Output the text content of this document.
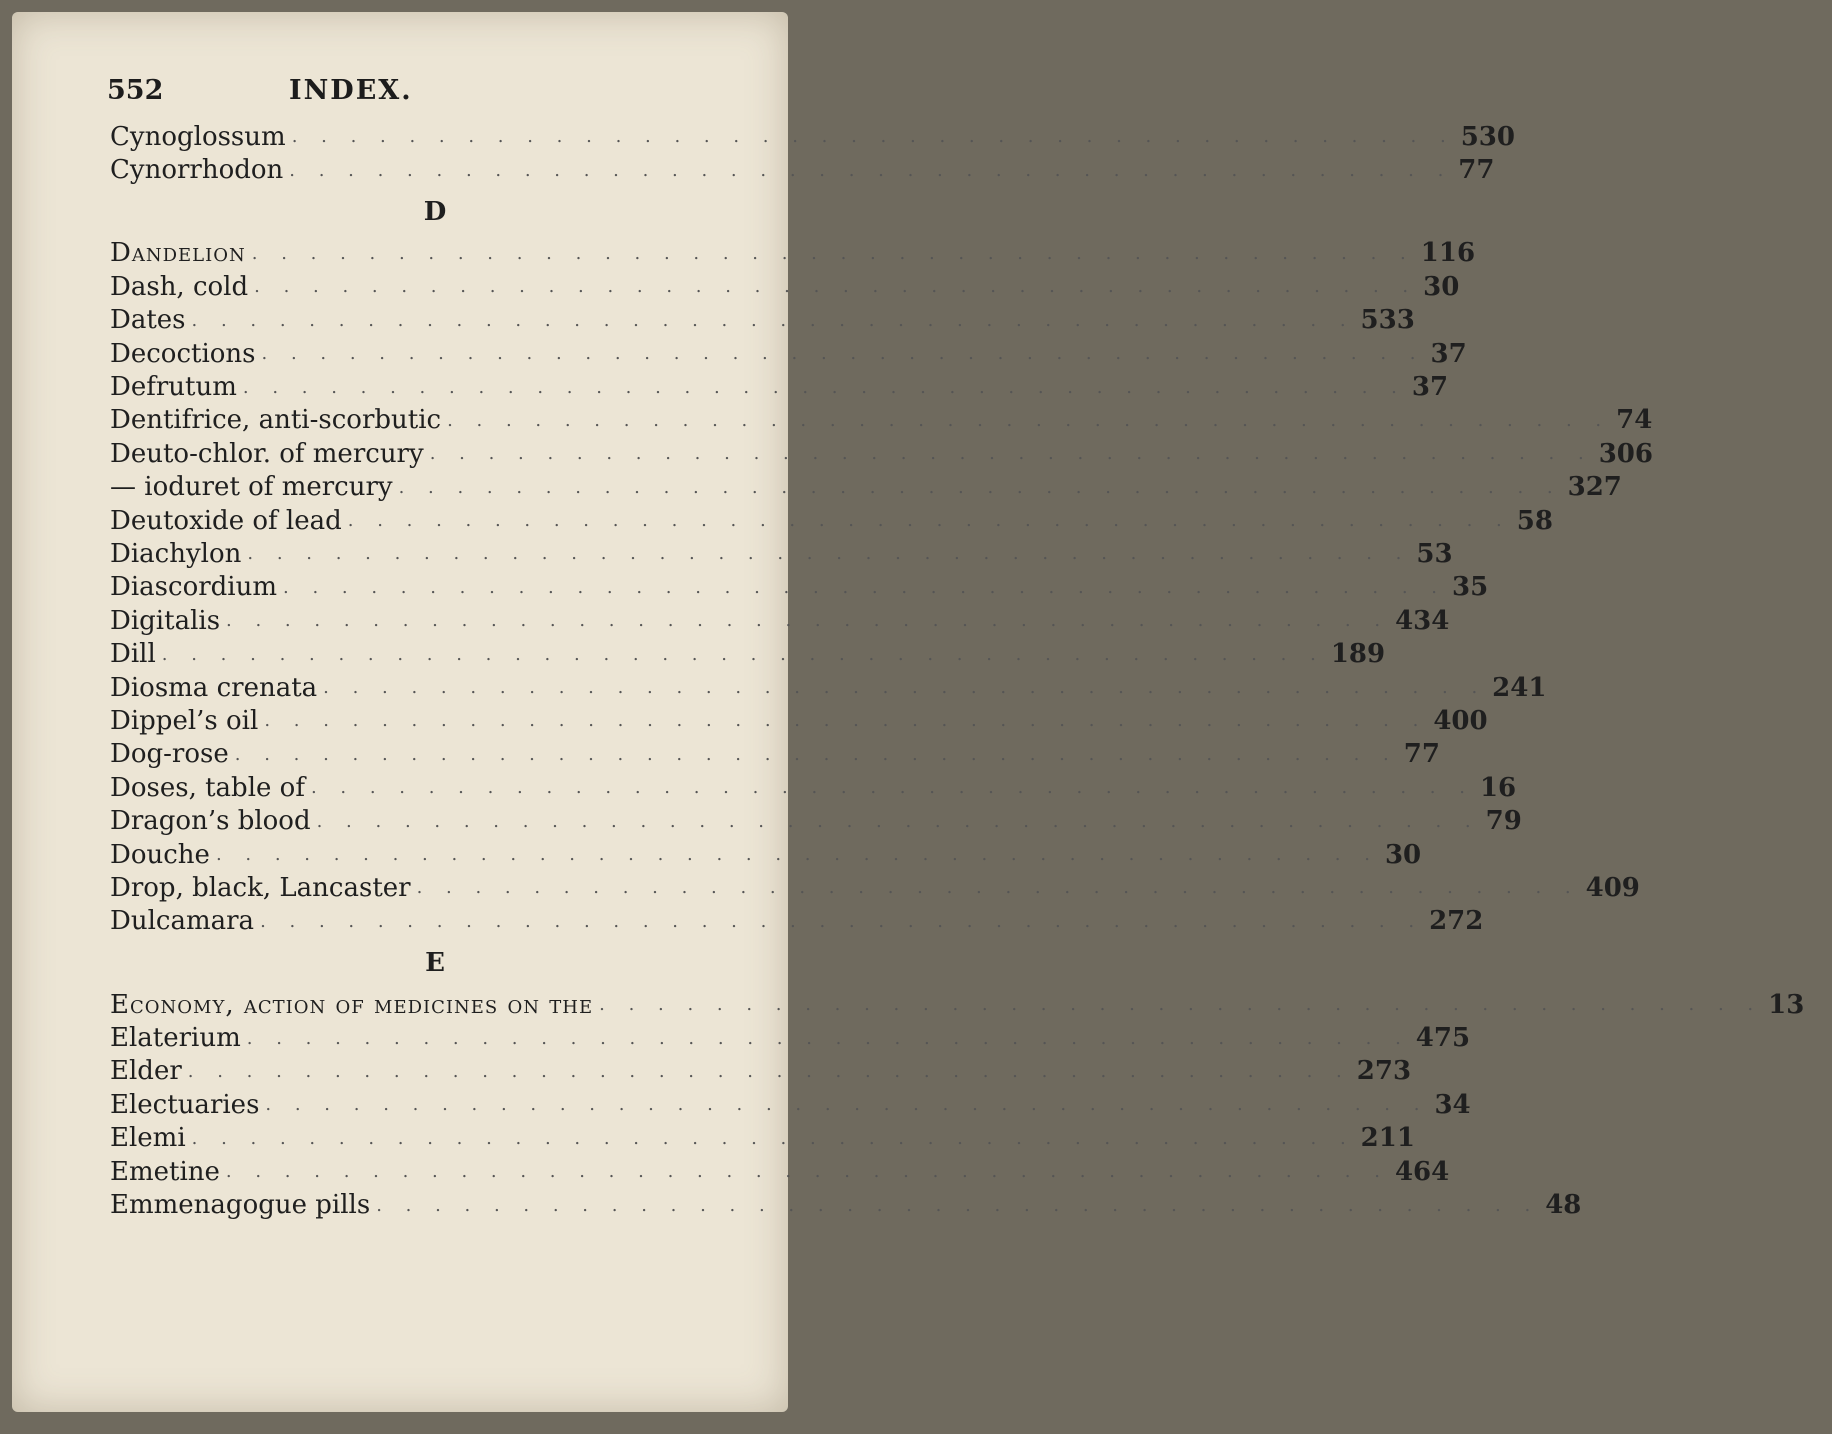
552	INDEX.
Cynoglossum . . . . . . . . . . . . . . . . . . . . . . . . . . . . . . . . . . . . . . . . 530
Cynorrhodon . . . . . . . . . . . . . . . . . . . . . . . . . . . . . . . . . . . . . . . . 77
D
Dandelion . . . . . . . . . . . . . . . . . . . . . . . . . . . . . . . . . . . . . . . . 116
Dash, cold . . . . . . . . . . . . . . . . . . . . . . . . . . . . . . . . . . . . . . . . 30
Dates . . . . . . . . . . . . . . . . . . . . . . . . . . . . . . . . . . . . . . . . 533
Decoctions . . . . . . . . . . . . . . . . . . . . . . . . . . . . . . . . . . . . . . . . 37
Defrutum . . . . . . . . . . . . . . . . . . . . . . . . . . . . . . . . . . . . . . . . 37
Dentifrice, anti-scorbutic . . . . . . . . . . . . . . . . . . . . . . . . . . . . . . . . . . . . . . . . 74
Deuto-chlor. of mercury . . . . . . . . . . . . . . . . . . . . . . . . . . . . . . . . . . . . . . . . 306
— ioduret of mercury . . . . . . . . . . . . . . . . . . . . . . . . . . . . . . . . . . . . . . . . 327
Deutoxide of lead . . . . . . . . . . . . . . . . . . . . . . . . . . . . . . . . . . . . . . . . 58
Diachylon . . . . . . . . . . . . . . . . . . . . . . . . . . . . . . . . . . . . . . . . 53
Diascordium . . . . . . . . . . . . . . . . . . . . . . . . . . . . . . . . . . . . . . . . 35
Digitalis . . . . . . . . . . . . . . . . . . . . . . . . . . . . . . . . . . . . . . . . 434
Dill . . . . . . . . . . . . . . . . . . . . . . . . . . . . . . . . . . . . . . . . 189
Diosma crenata . . . . . . . . . . . . . . . . . . . . . . . . . . . . . . . . . . . . . . . . 241
Dippel’s oil . . . . . . . . . . . . . . . . . . . . . . . . . . . . . . . . . . . . . . . . 400
Dog-rose . . . . . . . . . . . . . . . . . . . . . . . . . . . . . . . . . . . . . . . . 77
Doses, table of . . . . . . . . . . . . . . . . . . . . . . . . . . . . . . . . . . . . . . . . 16
Dragon’s blood . . . . . . . . . . . . . . . . . . . . . . . . . . . . . . . . . . . . . . . . 79
Douche . . . . . . . . . . . . . . . . . . . . . . . . . . . . . . . . . . . . . . . . 30
Drop, black, Lancaster . . . . . . . . . . . . . . . . . . . . . . . . . . . . . . . . . . . . . . . . 409
Dulcamara . . . . . . . . . . . . . . . . . . . . . . . . . . . . . . . . . . . . . . . . 272
E
Economy, action of medicines on the . . . . . . . . . . . . . . . . . . . . . . . . . . . . . . . . . . . . . . . . 13
Elaterium . . . . . . . . . . . . . . . . . . . . . . . . . . . . . . . . . . . . . . . . 475
Elder . . . . . . . . . . . . . . . . . . . . . . . . . . . . . . . . . . . . . . . . 273
Electuaries . . . . . . . . . . . . . . . . . . . . . . . . . . . . . . . . . . . . . . . . 34
Elemi . . . . . . . . . . . . . . . . . . . . . . . . . . . . . . . . . . . . . . . . 211
Emetine . . . . . . . . . . . . . . . . . . . . . . . . . . . . . . . . . . . . . . . . 464
Emmenagogue pills . . . . . . . . . . . . . . . . . . . . . . . . . . . . . . . . . . . . . . . . 48
